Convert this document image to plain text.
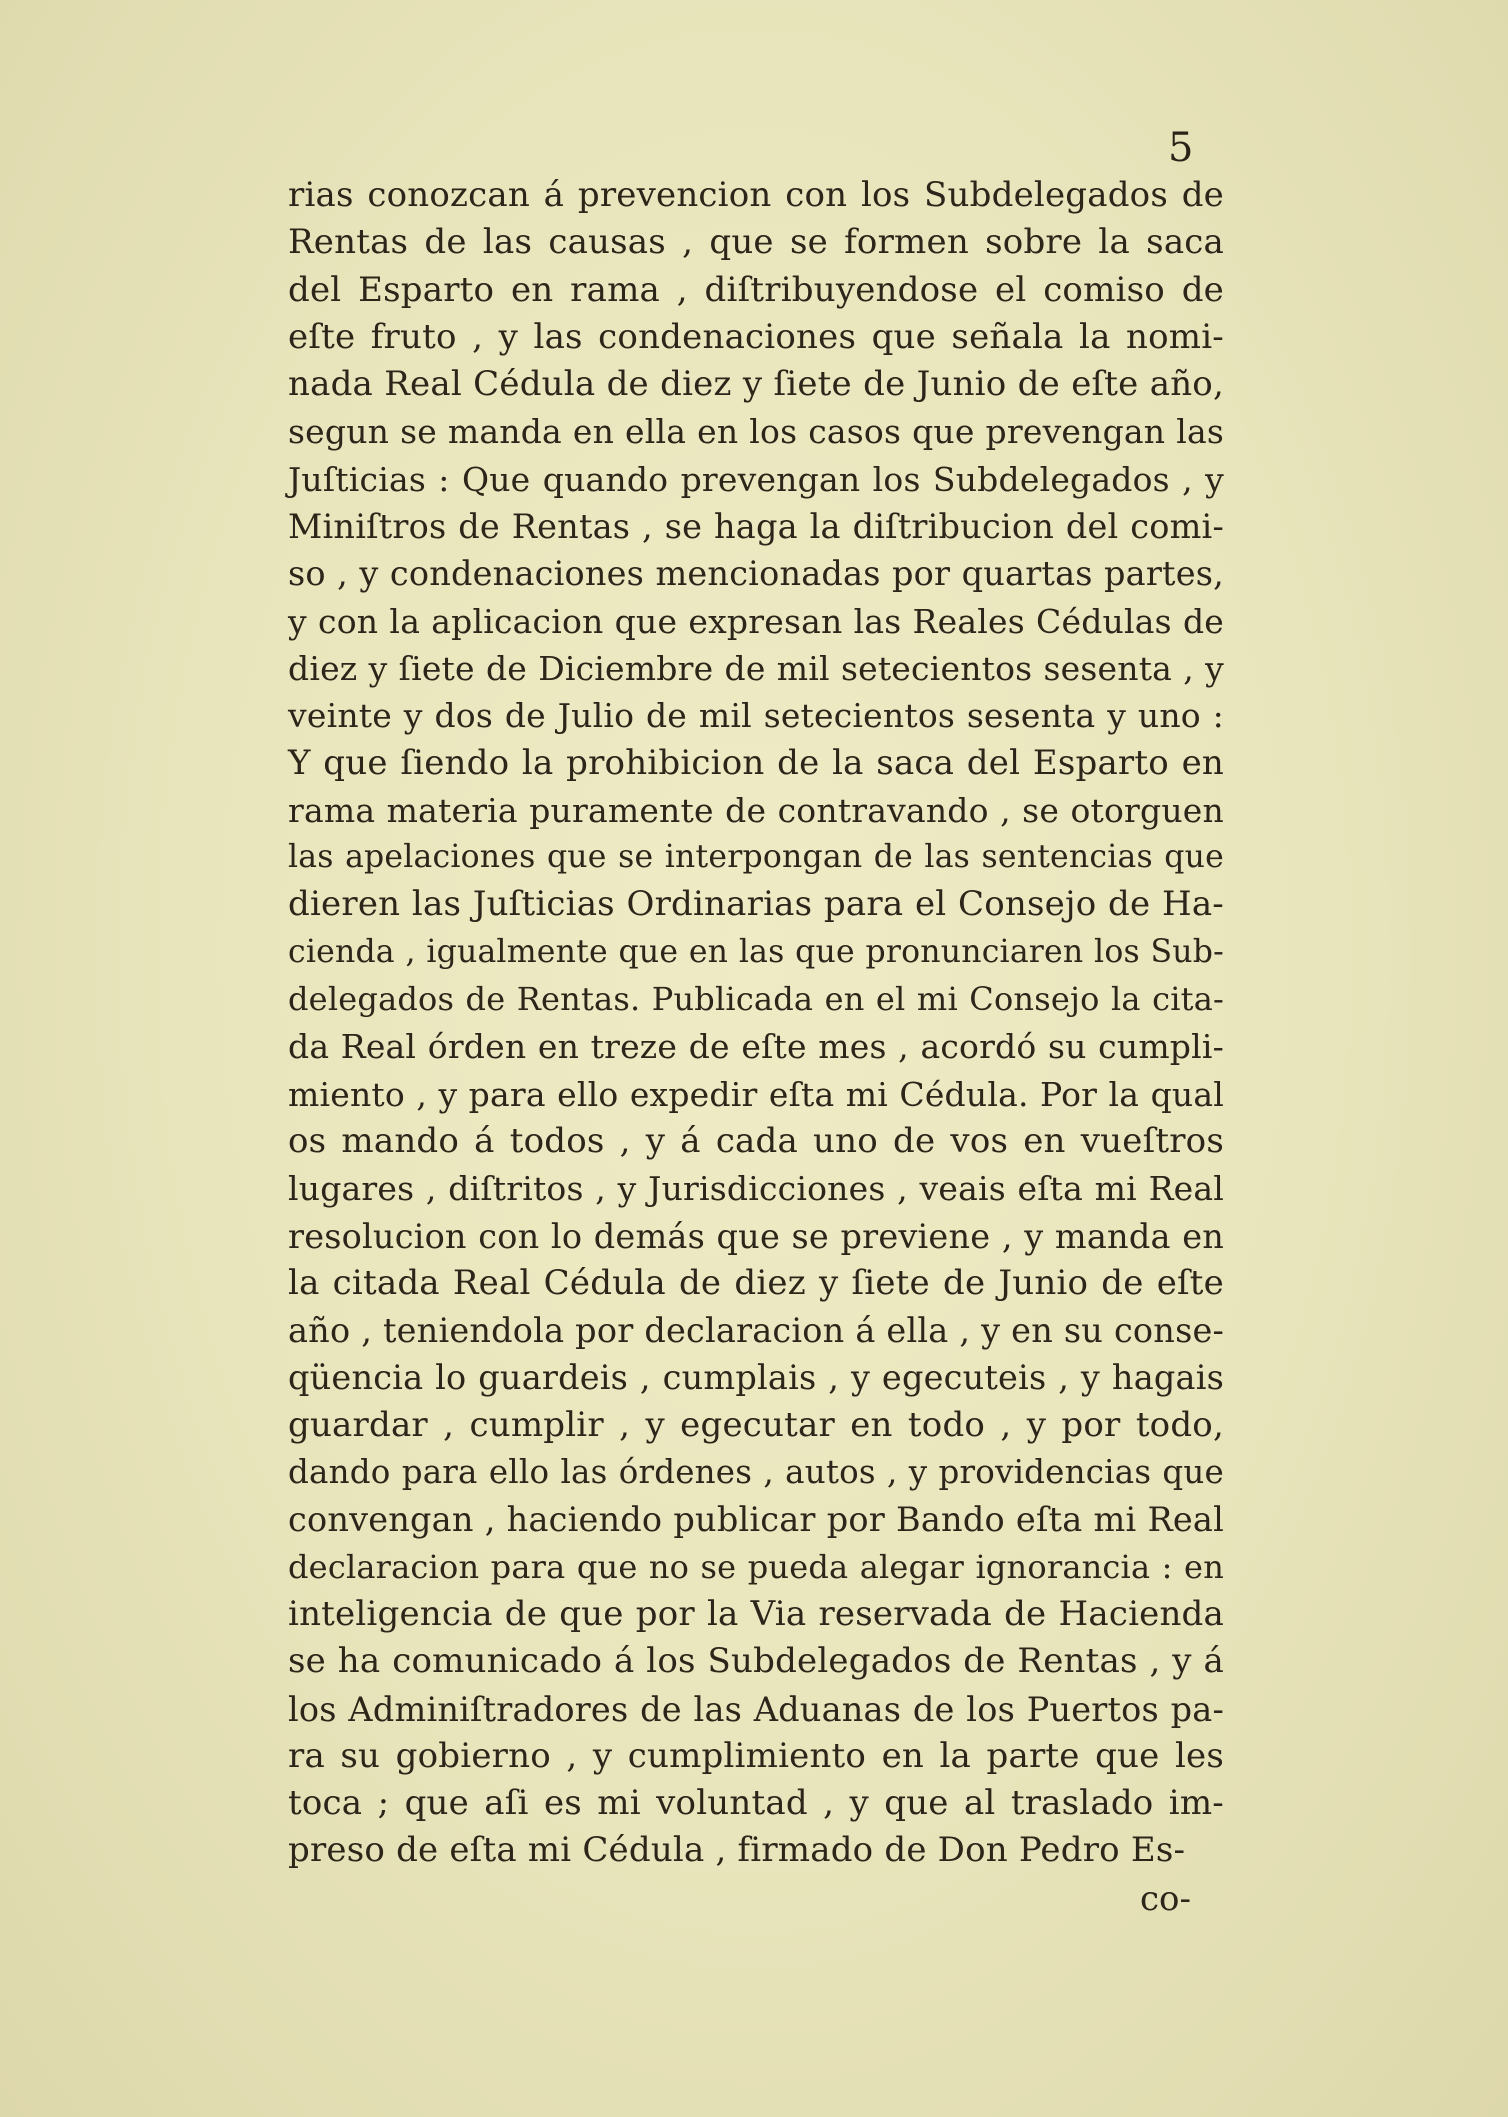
5
rias conozcan á prevencion con los Subdelegados de
Rentas de las causas , que se formen sobre la saca
del Esparto en rama , diſtribuyendose el comiso de
eſte fruto , y las condenaciones que señala la nomi-
nada Real Cédula de diez y ſiete de Junio de eſte año,
segun se manda en ella en los casos que prevengan las
Juſticias : Que quando prevengan los Subdelegados , y
Miniſtros de Rentas , se haga la diſtribucion del comi-
so , y condenaciones mencionadas por quartas partes,
y con la aplicacion que expresan las Reales Cédulas de
diez y ſiete de Diciembre de mil setecientos sesenta , y
veinte y dos de Julio de mil setecientos sesenta y uno :
Y que ſiendo la prohibicion de la saca del Esparto en
rama materia puramente de contravando , se otorguen
las apelaciones que se interpongan de las sentencias que
dieren las Juſticias Ordinarias para el Consejo de Ha-
cienda , igualmente que en las que pronunciaren los Sub-
delegados de Rentas. Publicada en el mi Consejo la cita-
da Real órden en treze de eſte mes , acordó su cumpli-
miento , y para ello expedir eſta mi Cédula. Por la qual
os mando á todos , y á cada uno de vos en vueſtros
lugares , diſtritos , y Jurisdicciones , veais eſta mi Real
resolucion con lo demás que se previene , y manda en
la citada Real Cédula de diez y ſiete de Junio de eſte
año , teniendola por declaracion á ella , y en su conse-
qüencia lo guardeis , cumplais , y egecuteis , y hagais
guardar , cumplir , y egecutar en todo , y por todo,
dando para ello las órdenes , autos , y providencias que
convengan , haciendo publicar por Bando eſta mi Real
declaracion para que no se pueda alegar ignorancia : en
inteligencia de que por la Via reservada de Hacienda
se ha comunicado á los Subdelegados de Rentas , y á
los Adminiſtradores de las Aduanas de los Puertos pa-
ra su gobierno , y cumplimiento en la parte que les
toca ; que aſi es mi voluntad , y que al traslado im-
preso de eſta mi Cédula , firmado de Don Pedro Es-
co-
